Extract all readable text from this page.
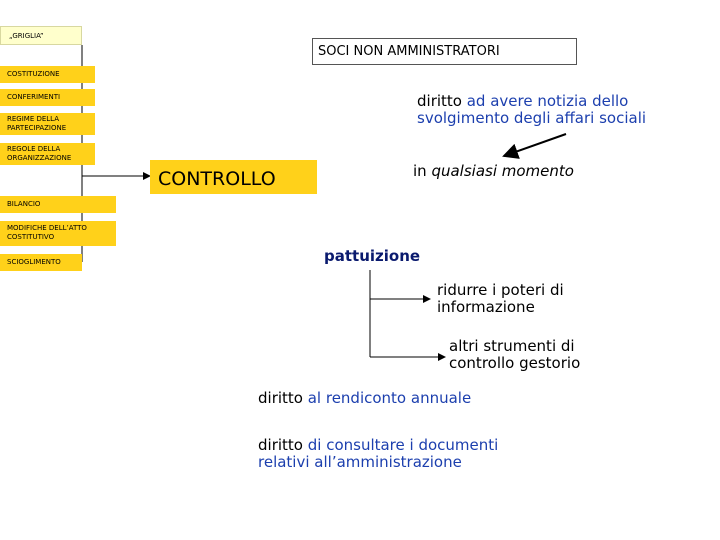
„GRIGLIA”
COSTITUZIONE
CONFERIMENTI
REGIME DELLA PARTECIPAZIONE
REGOLE DELLA ORGANIZZAZIONE
BILANCIO
MODIFICHE DELL’ATTO COSTITUTIVO
SCIOGLIMENTO
SOCI NON AMMINISTRATORI
CONTROLLO
diritto ad avere notizia dello
svolgimento degli affari sociali
in qualsiasi momento
pattuizione
ridurre i poteri di
informazione
altri strumenti di
controllo gestorio
diritto al rendiconto annuale
diritto di consultare i documenti
relativi all’amministrazione
